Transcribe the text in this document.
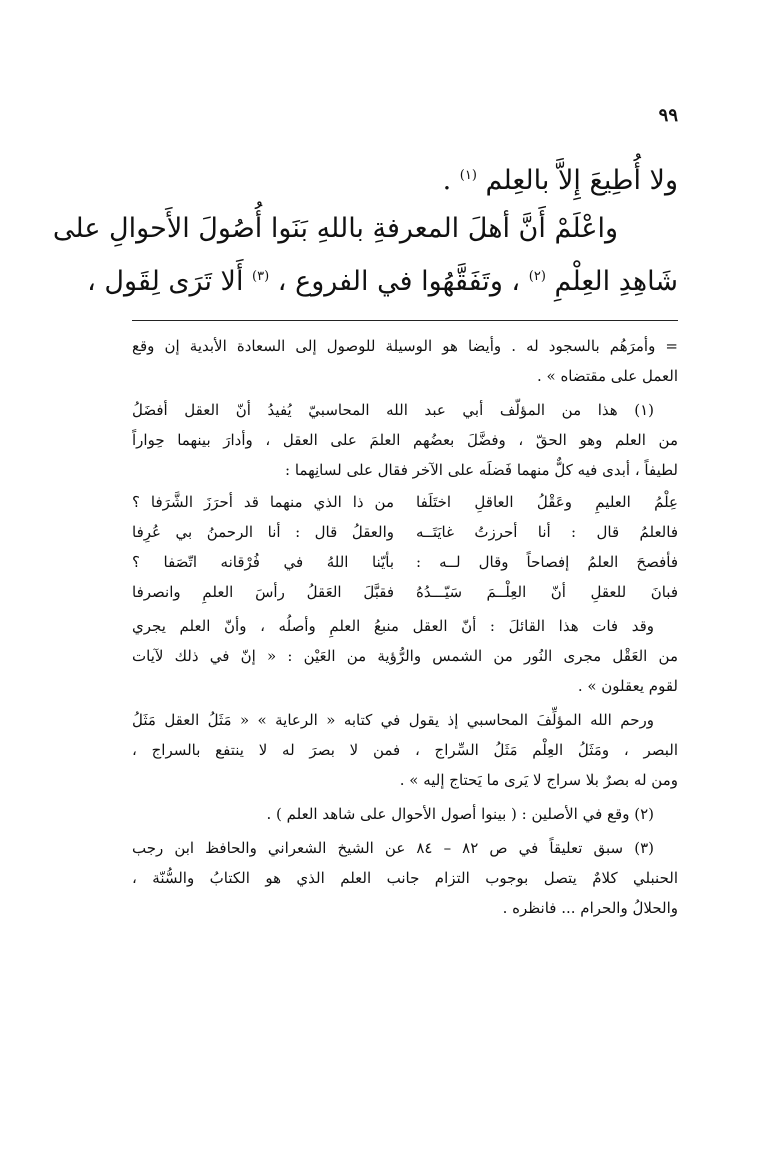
٩٩
ولا أُطِيعَ إِلاَّ بالعِلم $^{(١)}$ .
واعْلَمْ أَنَّ أهلَ المعرفةِ باللهِ بَنَوا أُصُولَ الأَحوالِ على
شَاهِدِ العِلْمِ $^{(٢)}$ ، وتَفَقَّهُوا في الفروع ، $^{(٣)}$ أَلا تَرَى لِقَول ،
= وأمرَهُم بالسجود له . وأيضا هو الوسيلة للوصول إلى السعادة الأبدية إن وقع
العمل على مقتضاه » .
(١) هذا من المؤلّف أبي عبد الله المحاسبيّ يُفيدُ أنّ العقل أفضَلُ
من العلم وهو الحقّ ، وفضَّلَ بعضُهم العلمَ على العقل ، وأدارَ بينهما حِواراً
لطيفاً ، أبدى فيه كلٌّ منهما فَضلَه على الآخر فقال على لسانِهما :
عِلْمُ العليمِ وعَقْلُ العاقلِ اختَلَفا
من ذا الذي منهما قد أحرَزَ الشَّرَفا ؟
فالعلمُ قال : أنا أحرزتُ غايَتَــه
والعقلُ قال : أنا الرحمنُ بي عُرِفا
فأفصحَ العلمُ إفصاحاً وقال لــه :
بأيّنا اللهُ في فُرْقانه اتّصَفا ؟
فبانَ للعقلِ أنّ العِلْــمَ سَيّـــدُهُ
فقبَّلَ العَقلُ رأسَ العلمِ وانصرفا
وقد فات هذا القائلَ : أنّ العقل منبعُ العلمِ وأصلُه ، وأنّ العلم يجري
من العَقْل مجرى النُور من الشمس والرُّؤية من العَيْن : « إنّ في ذلك لآيات
لقوم يعقلون » .
ورحم الله المؤلِّفَ المحاسبي إذ يقول في كتابه « الرعاية » « مَثَلُ العقل مَثَلُ
البصر ، ومَثَلُ العِلْم مَثَلُ السِّراج ، فمن لا بصرَ له لا ينتفع بالسراج ،
ومن له بصرٌ بلا سراج لا يَرى ما يَحتاج إليه » .
(٢) وقع في الأصلين : ( بينوا أصول الأحوال على شاهد العلم ) .
(٣) سبق تعليقاً في ص ٨٢ – ٨٤ عن الشيخ الشعراني والحافظ ابن رجب
الحنبلي كلامٌ يتصل بوجوب التزام جانب العلم الذي هو الكتابُ والسُّنّة ،
والحلالُ والحرام ... فانظره .
